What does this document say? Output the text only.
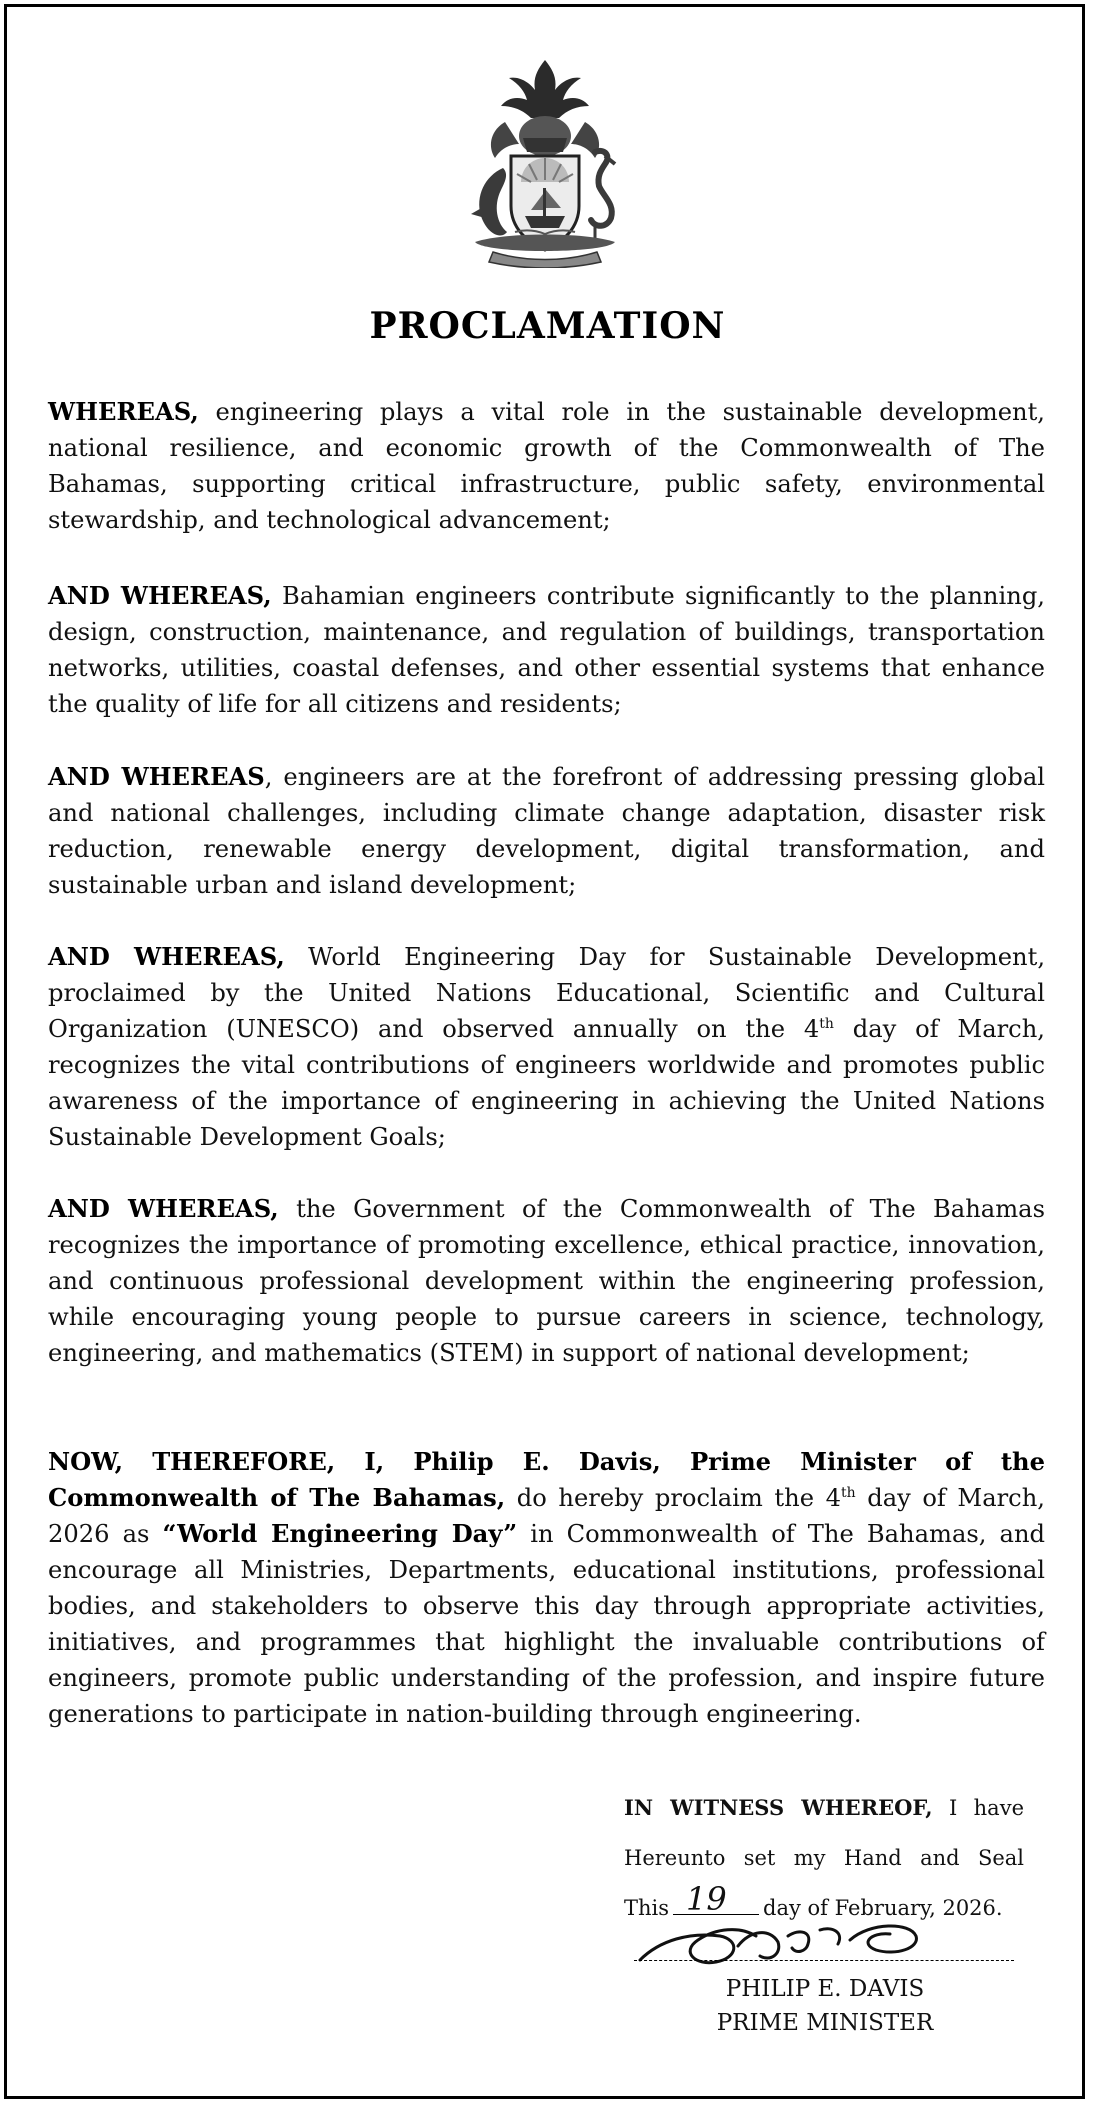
PROCLAMATION

WHEREAS, engineering plays a vital role in the sustainable development, national resilience, and economic growth of the Commonwealth of The Bahamas, supporting critical infrastructure, public safety, environmental stewardship, and technological advancement;

AND WHEREAS, Bahamian engineers contribute significantly to the planning, design, construction, maintenance, and regulation of buildings, transportation networks, utilities, coastal defenses, and other essential systems that enhance the quality of life for all citizens and residents;

AND WHEREAS, engineers are at the forefront of addressing pressing global and national challenges, including climate change adaptation, disaster risk reduction, renewable energy development, digital transformation, and sustainable urban and island development;

AND WHEREAS, World Engineering Day for Sustainable Development, proclaimed by the United Nations Educational, Scientific and Cultural Organization (UNESCO) and observed annually on the 4th day of March, recognizes the vital contributions of engineers worldwide and promotes public awareness of the importance of engineering in achieving the United Nations Sustainable Development Goals;

AND WHEREAS, the Government of the Commonwealth of The Bahamas recognizes the importance of promoting excellence, ethical practice, innovation, and continuous professional development within the engineering profession, while encouraging young people to pursue careers in science, technology, engineering, and mathematics (STEM) in support of national development;

NOW, THEREFORE, I, Philip E. Davis, Prime Minister of the Commonwealth of The Bahamas, do hereby proclaim the 4th day of March, 2026 as “World Engineering Day” in Commonwealth of The Bahamas, and encourage all Ministries, Departments, educational institutions, professional bodies, and stakeholders to observe this day through appropriate activities, initiatives, and programmes that highlight the invaluable contributions of engineers, promote public understanding of the profession, and inspire future generations to participate in nation-building through engineering.

IN WITNESS WHEREOF, I have

Hereunto set my Hand and Seal

This	day of February, 2026.

19

PHILIP E. DAVIS

PRIME MINISTER
